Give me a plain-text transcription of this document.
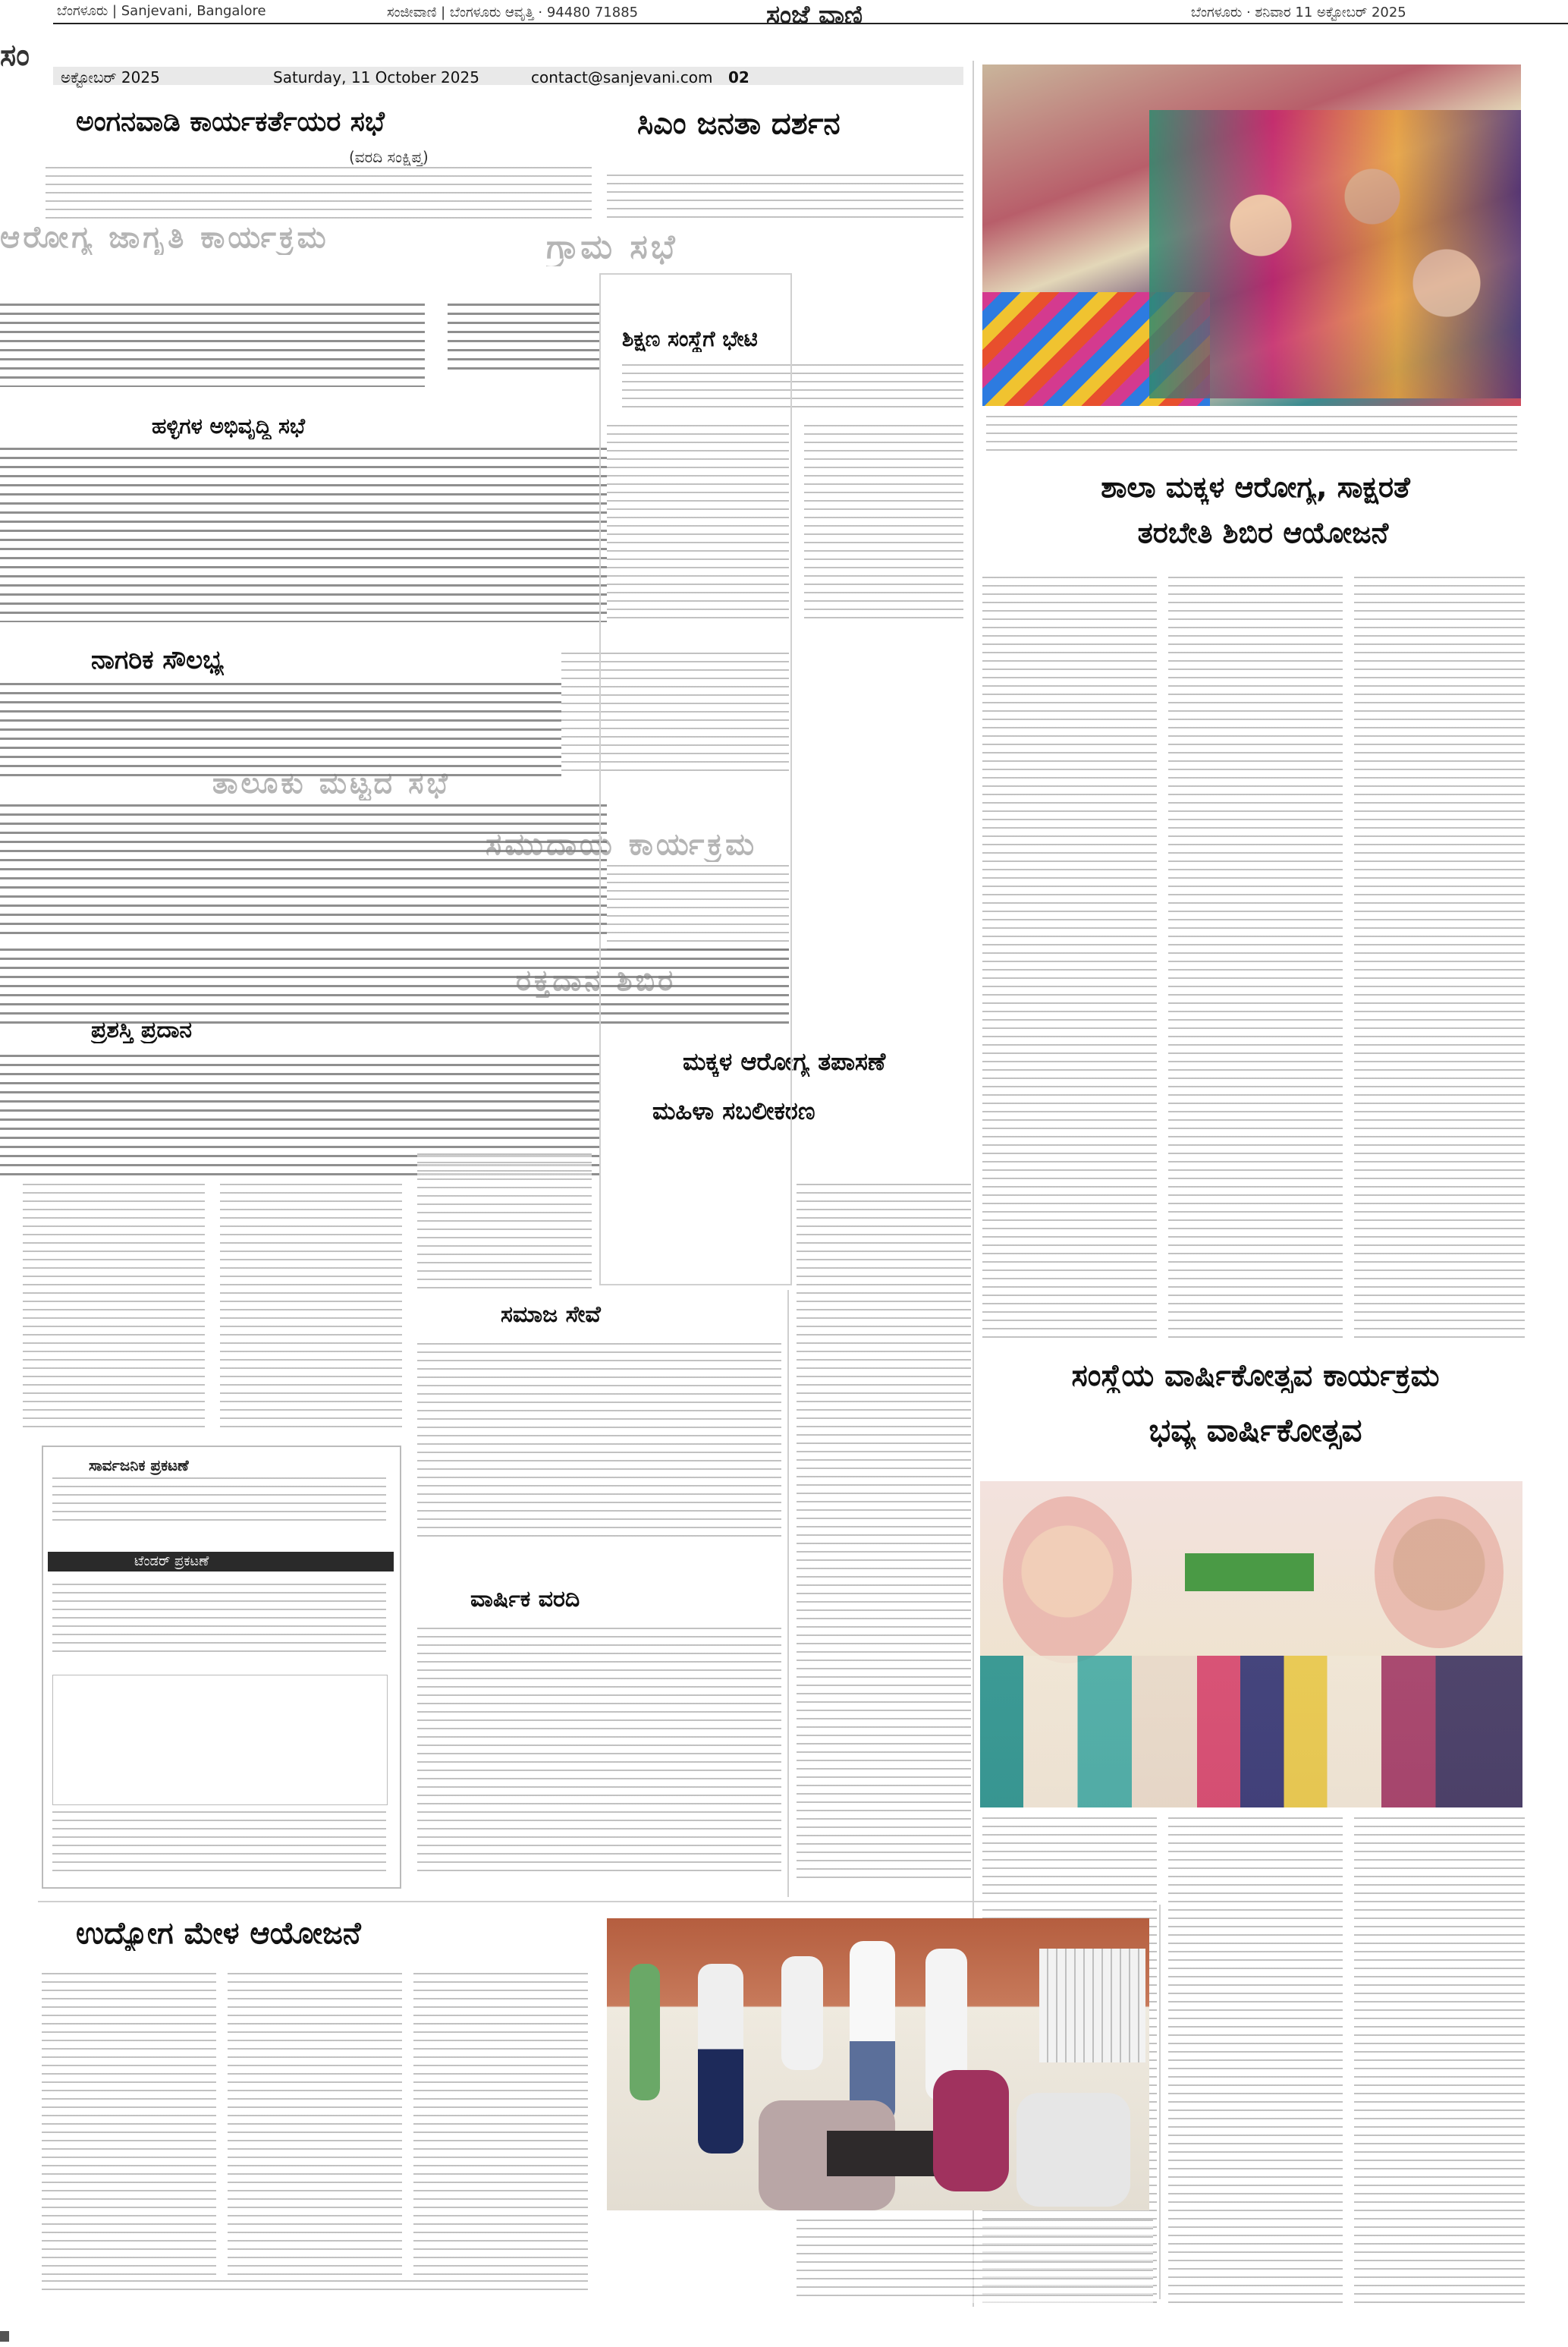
ಬೆಂಗಳೂರು | Sanjevani, Bangalore	ಸಂಜೀವಾಣಿ | ಬೆಂಗಳೂರು ಆವೃತ್ತಿ · 94480 71885	ಸಂಜೆ ವಾಣಿ	ಬೆಂಗಳೂರು · ಶನಿವಾರ 11 ಅಕ್ಟೋಬರ್ 2025
ಅಕ್ಟೋಬರ್ 2025	Saturday, 11 October 2025	contact@sanjevani.com 02
ಸಂ
ಅಂಗನವಾಡಿ ಕಾರ್ಯಕರ್ತೆಯರ ಸಭೆ
(ವರದಿ ಸಂಕ್ಷಿಪ್ತ)
ಸಿಎಂ ಜನತಾ ದರ್ಶನ
ಆರೋಗ್ಯ ಜಾಗೃತಿ ಕಾರ್ಯಕ್ರಮ	ಗ್ರಾಮ ಸಭೆ
ಶಿಕ್ಷಣ ಸಂಸ್ಥೆಗೆ ಭೇಟಿ
ಹಳ್ಳಿಗಳ ಅಭಿವೃದ್ಧಿ ಸಭೆ
ನಾಗರಿಕ ಸೌಲಭ್ಯ
ತಾಲೂಕು ಮಟ್ಟದ ಸಭೆ
ಸಮುದಾಯ ಕಾರ್ಯಕ್ರಮ
ರಕ್ತದಾನ ಶಿಬಿರ
ಪ್ರಶಸ್ತಿ ಪ್ರದಾನ
ಮಕ್ಕಳ ಆರೋಗ್ಯ ತಪಾಸಣೆ
ಮಹಿಳಾ ಸಬಲೀಕರಣ
ಸಮಾಜ ಸೇವೆ
ವಾರ್ಷಿಕ ವರದಿ
ಸಾರ್ವಜನಿಕ ಪ್ರಕಟಣೆ
ಟೆಂಡರ್ ಪ್ರಕಟಣೆ
ಶಾಲಾ ಮಕ್ಕಳ ಆರೋಗ್ಯ, ಸಾಕ್ಷರತೆ
ತರಬೇತಿ ಶಿಬಿರ ಆಯೋಜನೆ
ಸಂಸ್ಥೆಯ ವಾರ್ಷಿಕೋತ್ಸವ ಕಾರ್ಯಕ್ರಮ
ಭವ್ಯ ವಾರ್ಷಿಕೋತ್ಸವ
ಉದ್ಯೋಗ ಮೇಳ ಆಯೋಜನೆ
